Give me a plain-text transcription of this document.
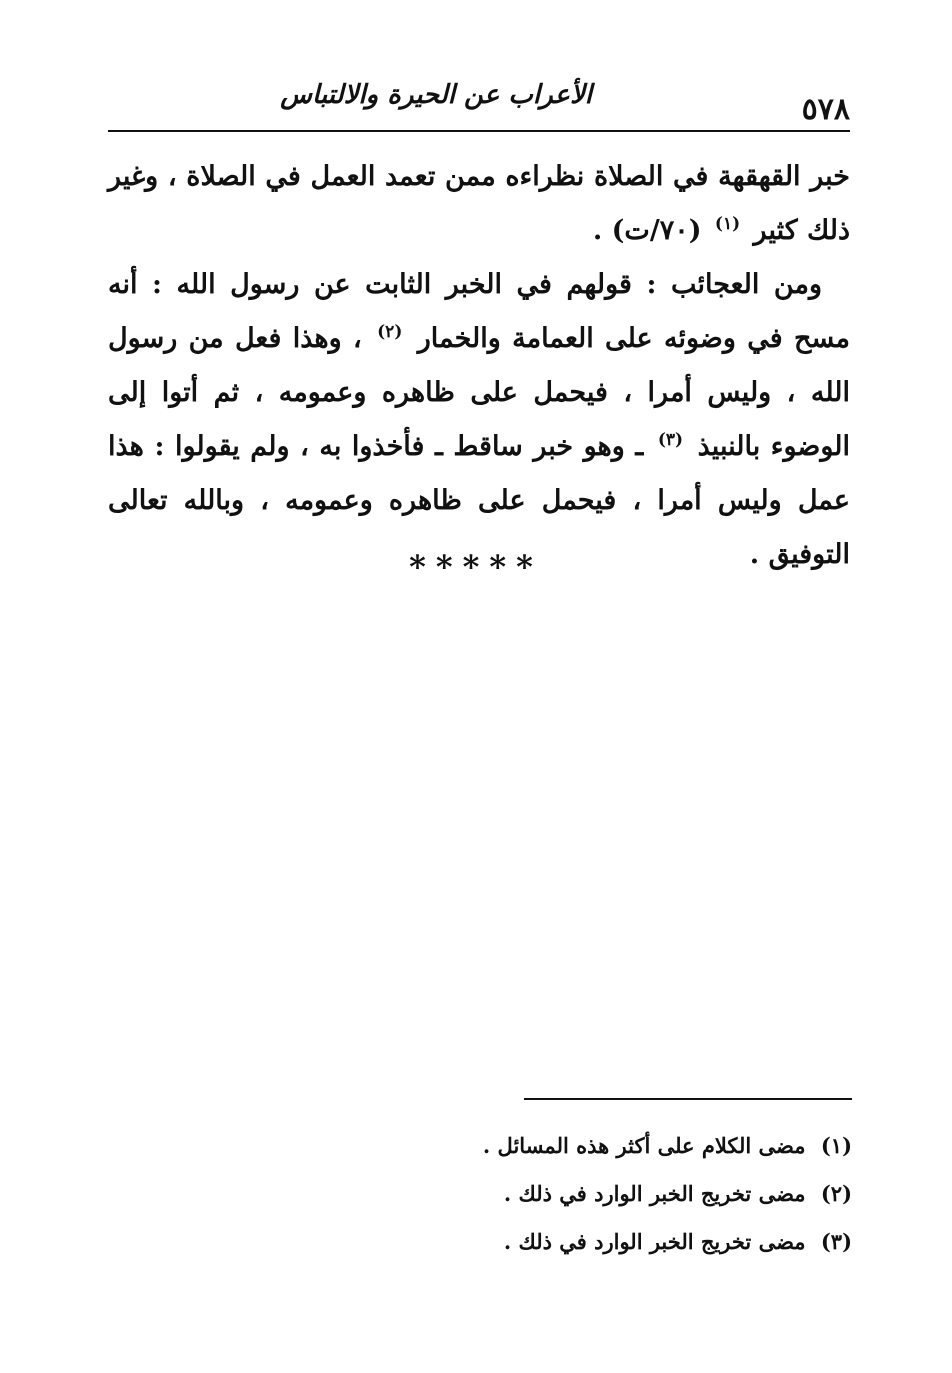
٥٧٨
الأعراب عن الحيرة والالتباس

خبر القهقهة في الصلاة نظراءه ممن تعمد العمل في الصلاة ، وغير ذلك كثير $^{(١)}$ (٧٠/ت) .

ومن العجائب : قولهم في الخبر الثابت عن رسول الله : أنه مسح في وضوئه على العمامة والخمار $^{(٢)}$ ، وهذا فعل من رسول الله ، وليس أمرا ، فيحمل على ظاهره وعمومه ، ثم أتوا إلى الوضوء بالنبيذ $^{(٣)}$ ـ وهو خبر ساقط ـ فأخذوا به ، ولم يقولوا : هذا عمل وليس أمرا ، فيحمل على ظاهره وعمومه ، وبالله تعالى التوفيق .

*****
(١) مضى الكلام على أكثر هذه المسائل .
(٢) مضى تخريج الخبر الوارد في ذلك .
(٣) مضى تخريج الخبر الوارد في ذلك .
